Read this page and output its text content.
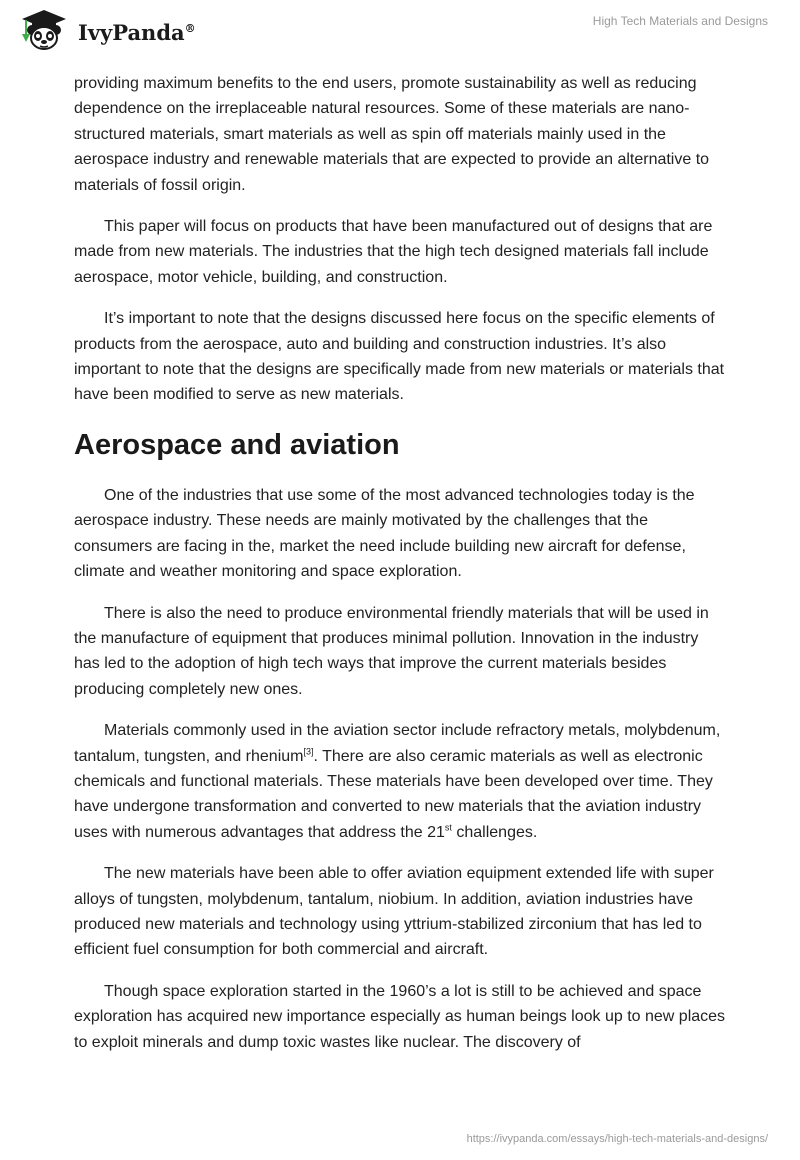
IvyPanda®	High Tech Materials and Designs

providing maximum benefits to the end users, promote sustainability as well as reducing dependence on the irreplaceable natural resources. Some of these materials are nano-structured materials, smart materials as well as spin off materials mainly used in the aerospace industry and renewable materials that are expected to provide an alternative to materials of fossil origin.

This paper will focus on products that have been manufactured out of designs that are made from new materials. The industries that the high tech designed materials fall include aerospace, motor vehicle, building, and construction.

It’s important to note that the designs discussed here focus on the specific elements of products from the aerospace, auto and building and construction industries. It’s also important to note that the designs are specifically made from new materials or materials that have been modified to serve as new materials.

Aerospace and aviation

One of the industries that use some of the most advanced technologies today is the aerospace industry. These needs are mainly motivated by the challenges that the consumers are facing in the, market the need include building new aircraft for defense, climate and weather monitoring and space exploration.

There is also the need to produce environmental friendly materials that will be used in the manufacture of equipment that produces minimal pollution. Innovation in the industry has led to the adoption of high tech ways that improve the current materials besides producing completely new ones.

Materials commonly used in the aviation sector include refractory metals, molybdenum, tantalum, tungsten, and rhenium[3]. There are also ceramic materials as well as electronic chemicals and functional materials. These materials have been developed over time. They have undergone transformation and converted to new materials that the aviation industry uses with numerous advantages that address the 21st challenges.

The new materials have been able to offer aviation equipment extended life with super alloys of tungsten, molybdenum, tantalum, niobium. In addition, aviation industries have produced new materials and technology using yttrium-stabilized zirconium that has led to efficient fuel consumption for both commercial and aircraft.

Though space exploration started in the 1960’s a lot is still to be achieved and space exploration has acquired new importance especially as human beings look up to new places to exploit minerals and dump toxic wastes like nuclear. The discovery of

https://ivypanda.com/essays/high-tech-materials-and-designs/
